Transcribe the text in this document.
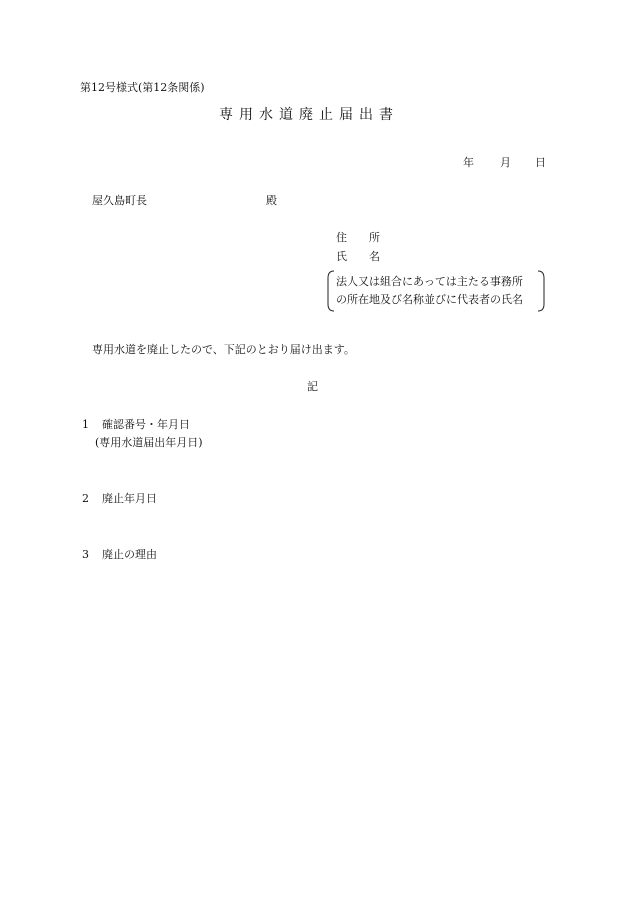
第12号様式(第12条関係)
専用水道廃止届出書
年 月 日
屋久島町長	殿
住　　所
氏　　名
法人又は組合にあっては主たる事務所
の所在地及び名称並びに代表者の氏名
専用水道を廃止したので、下記のとおり届け出ます。
記
1 確認番号・年月日
(専用水道届出年月日)
2 廃止年月日
3 廃止の理由
